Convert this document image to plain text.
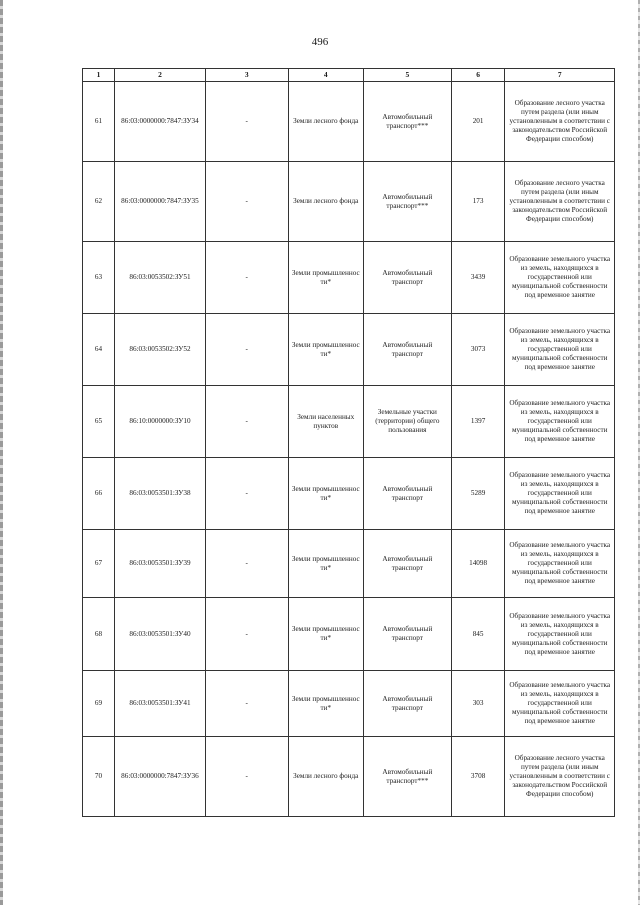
496
1	2	3	4	5	6	7
61	86:03:0000000:7847:ЗУ34	-	Земли лесного фонда	Автомобильный транспорт***	201	Образование лесного участка путем раздела (или иным установленным в соответствии с законодательством Российской Федерации способом)
62	86:03:0000000:7847:ЗУ35	-	Земли лесного фонда	Автомобильный транспорт***	173	Образование лесного участка путем раздела (или иным установленным в соответствии с законодательством Российской Федерации способом)
63	86:03:0053502:ЗУ51	-	Земли промышленнос ти*	Автомобильный транспорт	3439	Образование земельного участка из земель, находящихся в государственной или муниципальной собственности под временное занятие
64	86:03:0053502:ЗУ52	-	Земли промышленнос ти*	Автомобильный транспорт	3073	Образование земельного участка из земель, находящихся в государственной или муниципальной собственности под временное занятие
65	86:10:0000000:ЗУ10	-	Земли населенных пунктов	Земельные участки (территории) общего пользования	1397	Образование земельного участка из земель, находящихся в государственной или муниципальной собственности под временное занятие
66	86:03:0053501:ЗУ38	-	Земли промышленнос ти*	Автомобильный транспорт	5289	Образование земельного участка из земель, находящихся в государственной или муниципальной собственности под временное занятие
67	86:03:0053501:ЗУ39	-	Земли промышленнос ти*	Автомобильный транспорт	14098	Образование земельного участка из земель, находящихся в государственной или муниципальной собственности под временное занятие
68	86:03:0053501:ЗУ40	-	Земли промышленнос ти*	Автомобильный транспорт	845	Образование земельного участка из земель, находящихся в государственной или муниципальной собственности под временное занятие
69	86:03:0053501:ЗУ41	-	Земли промышленнос ти*	Автомобильный транспорт	303	Образование земельного участка из земель, находящихся в государственной или муниципальной собственности под временное занятие
70	86:03:0000000:7847:ЗУ36	-	Земли лесного фонда	Автомобильный транспорт***	3708	Образование лесного участка путем раздела (или иным установленным в соответствии с законодательством Российской Федерации способом)
